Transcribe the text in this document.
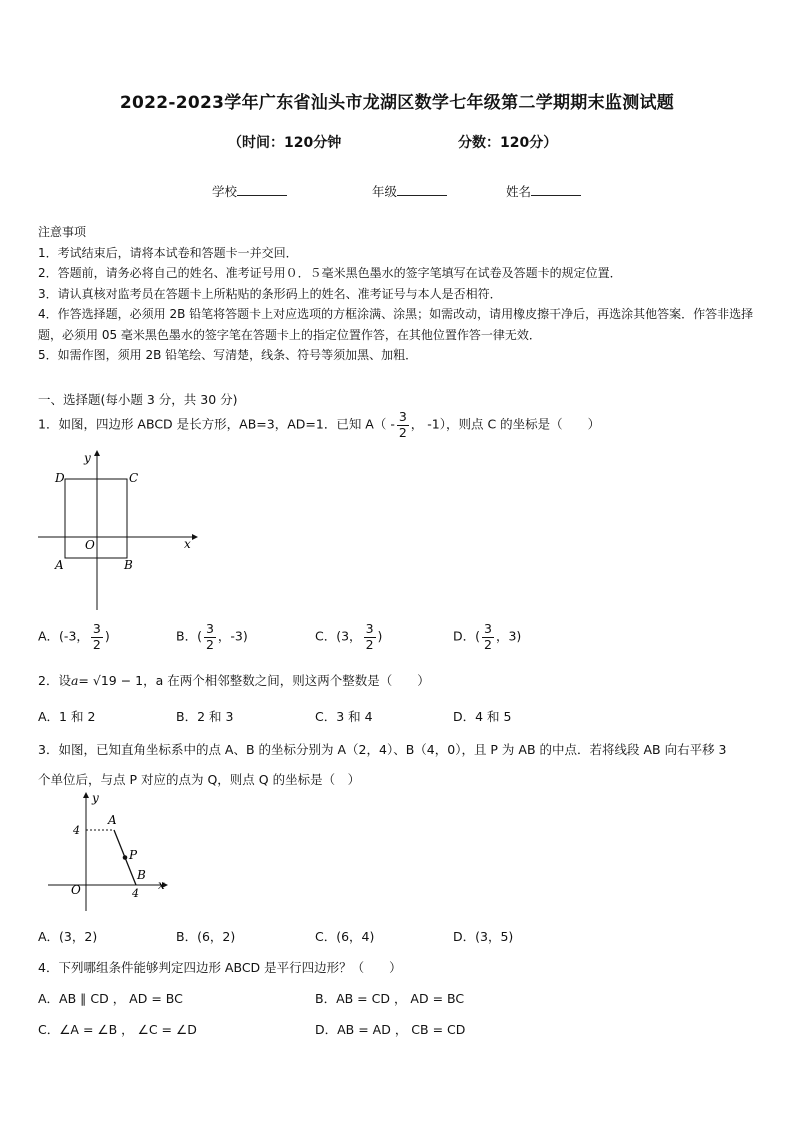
2022-2023学年广东省汕头市龙湖区数学七年级第二学期期末监测试题
（时间：120分钟	分数：120分）
学校	年级	姓名
注意事项
1．考试结束后，请将本试卷和答题卡一并交回．
2．答题前，请务必将自己的姓名、准考证号用０．５毫米黑色墨水的签字笔填写在试卷及答题卡的规定位置．
3．请认真核对监考员在答题卡上所粘贴的条形码上的姓名、准考证号与本人是否相符．
4．作答选择题，必须用 2B 铅笔将答题卡上对应选项的方框涂满、涂黑；如需改动，请用橡皮擦干净后，再选涂其他答案．作答非选择题，必须用 05 毫米黑色墨水的签字笔在答题卡上的指定位置作答，在其他位置作答一律无效．
5．如需作图，须用 2B 铅笔绘、写清楚，线条、符号等须加黑、加粗．
一、选择题(每小题 3 分，共 30 分)
1．如图，四边形 ABCD 是长方形，AB=3，AD=1．已知 $A( - \frac{3}{2}$ ， -1），则点 C 的坐标是（　　）
y
x
D	C
O
A	B
A．(-3， $\frac{3}{2}$ )	B．( $\frac{3}{2}$ ，-3)	C．(3， $\frac{3}{2}$ )	D．( $\frac{3}{2}$ ，3)
2．设a= √19 − 1，a 在两个相邻整数之间，则这两个整数是（　　）
A．1 和 2	B．2 和 3	C．3 和 4	D．4 和 5
3．如图，已知直角坐标系中的点 A、B 的坐标分别为 A（2，4）、B（4，0），且 P 为 AB 的中点．若将线段 AB 向右平移 3
个单位后，与点 P 对应的点为 Q，则点 Q 的坐标是（　）
y
x
4
4
O
A
P
B
A．(3，2)	B．(6，2)	C．(6，4)	D．(3，5)
4．下列哪组条件能够判定四边形 ABCD 是平行四边形？（　　）
A．AB ∥ CD ， AD = BC	B．AB = CD ， AD = BC
C．∠A = ∠B ， ∠C = ∠D	D．AB = AD ， CB = CD
